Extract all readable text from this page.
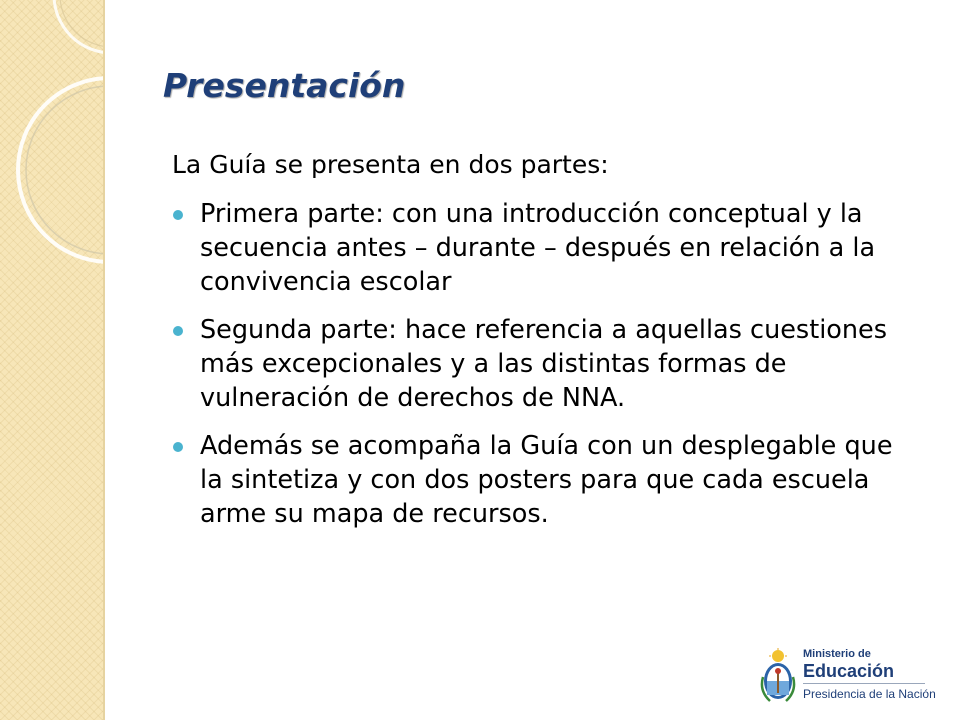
Presentación

La Guía se presenta en dos partes:

Primera parte: con una introducción conceptual y la secuencia antes – durante – después en relación a la convivencia escolar
Segunda parte: hace referencia a aquellas cuestiones más excepcionales y a las distintas formas de vulneración de derechos de NNA.
Además se acompaña la Guía con un desplegable que la sintetiza y con dos posters para que cada escuela arme su mapa de recursos.
Ministerio de
Educación
Presidencia de la Nación
